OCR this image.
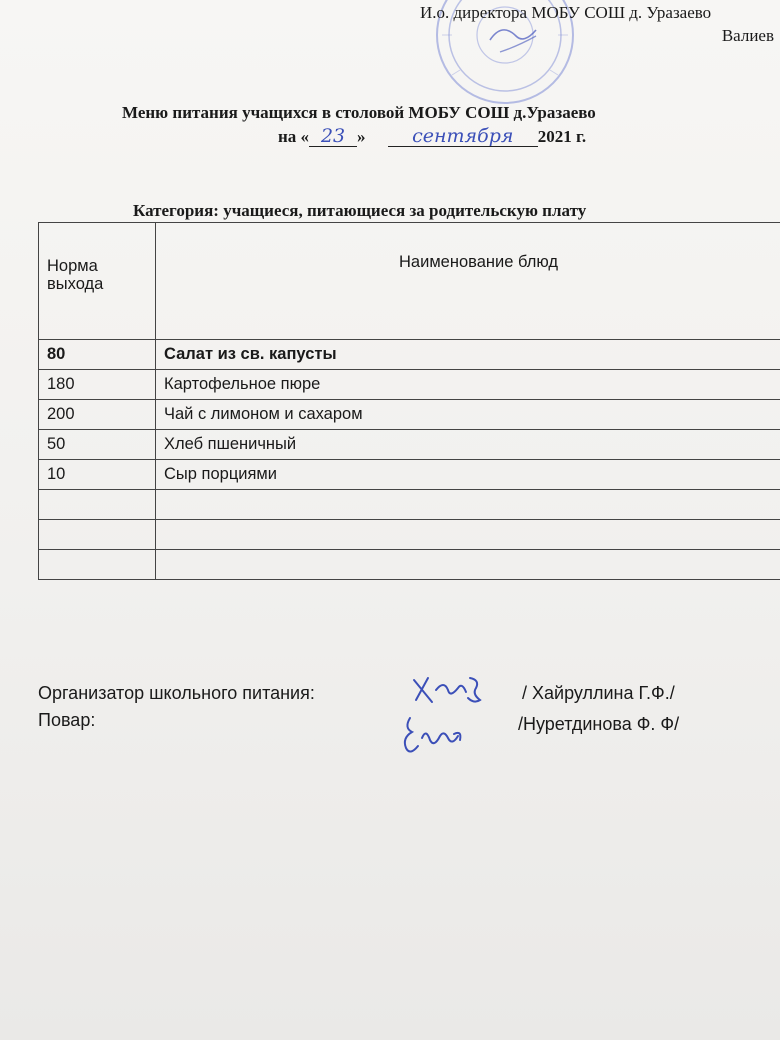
И.о. директора МОБУ СОШ д. Уразаево
Валиев
Меню питания учащихся в столовой МОБУ СОШ д.Уразаево
на « 23 » сентября 2021 г.
Категория: учащиеся, питающиеся за родительскую плату
Норма выхода	Наименование блюд
80	Салат из св. капусты
180	Картофельное пюре
200	Чай с лимоном и сахаром
50	Хлеб пшеничный
10	Сыр порциями

Организатор школьного питания:	/ Хайруллина Г.Ф./
Повар:	/Нуретдинова Ф. Ф/
